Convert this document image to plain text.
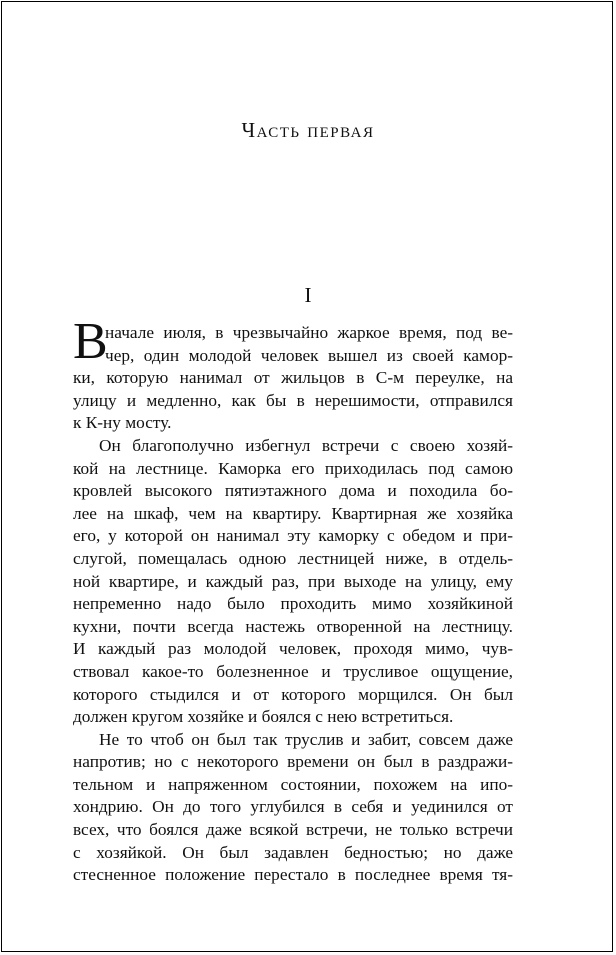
Часть первая
I
В
начале июля, в чрезвычайно жаркое время, под ве-
чер, один молодой человек вышел из своей камор-
ки, которую нанимал от жильцов в С-м переулке, на
улицу и медленно, как бы в нерешимости, отправился
к К-ну мосту.
Он благополучно избегнул встречи с своею хозяй-
кой на лестнице. Каморка его приходилась под самою
кровлей высокого пятиэтажного дома и походила бо-
лее на шкаф, чем на квартиру. Квартирная же хозяйка
его, у которой он нанимал эту каморку с обедом и при-
слугой, помещалась одною лестницей ниже, в отдель-
ной квартире, и каждый раз, при выходе на улицу, ему
непременно надо было проходить мимо хозяйкиной
кухни, почти всегда настежь отворенной на лестницу.
И каждый раз молодой человек, проходя мимо, чув-
ствовал какое-то болезненное и трусливое ощущение,
которого стыдился и от которого морщился. Он был
должен кругом хозяйке и боялся с нею встретиться.
Не то чтоб он был так труслив и забит, совсем даже
напротив; но с некоторого времени он был в раздражи-
тельном и напряженном состоянии, похожем на ипо-
хондрию. Он до того углубился в себя и уединился от
всех, что боялся даже всякой встречи, не только встречи
с хозяйкой. Он был задавлен бедностью; но даже
стесненное положение перестало в последнее время тя-
